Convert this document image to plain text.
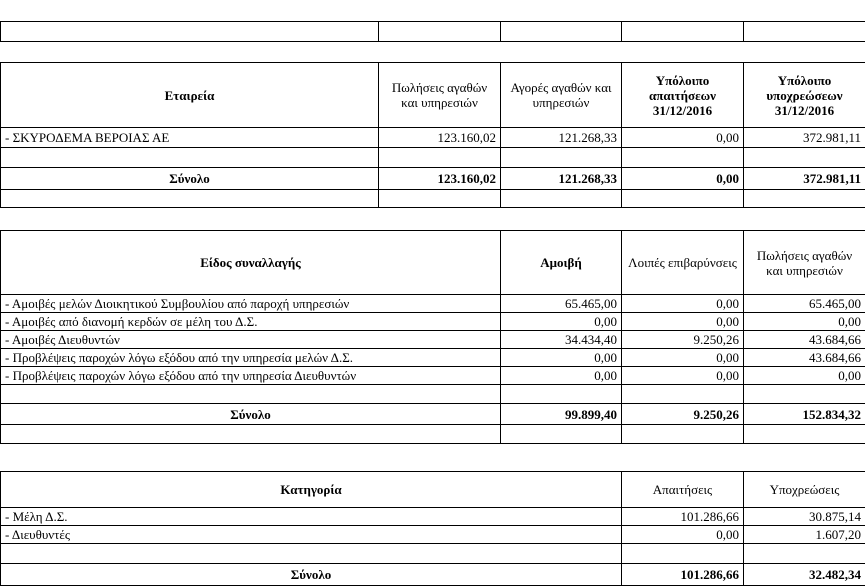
Εταιρεία	Πωλήσεις αγαθών και υπηρεσιών	Αγορές αγαθών και υπηρεσιών	Υπόλοιπο απαιτήσεων 31/12/2016	Υπόλοιπο υποχρεώσεων 31/12/2016
- ΣΚΥΡΟΔΕΜΑ ΒΕΡΟΙΑΣ ΑΕ	123.160,02	121.268,33	0,00	372.981,11

Σύνολο	123.160,02	121.268,33	0,00	372.981,11

Είδος συναλλαγής	Αμοιβή	Λοιπές επιβαρύνσεις	Πωλήσεις αγαθών και υπηρεσιών
- Αμοιβές μελών Διοικητικού Συμβουλίου από παροχή υπηρεσιών	65.465,00	0,00	65.465,00
- Αμοιβές από διανομή κερδών σε μέλη του Δ.Σ.	0,00	0,00	0,00
- Αμοιβές Διευθυντών	34.434,40	9.250,26	43.684,66
- Προβλέψεις παροχών λόγω εξόδου από την υπηρεσία μελών Δ.Σ.	0,00	0,00	43.684,66
- Προβλέψεις παροχών λόγω εξόδου από την υπηρεσία Διευθυντών	0,00	0,00	0,00

Σύνολο	99.899,40	9.250,26	152.834,32

Κατηγορία	Απαιτήσεις	Υποχρεώσεις
- Μέλη Δ.Σ.	101.286,66	30.875,14
- Διευθυντές	0,00	1.607,20

Σύνολο	101.286,66	32.482,34
